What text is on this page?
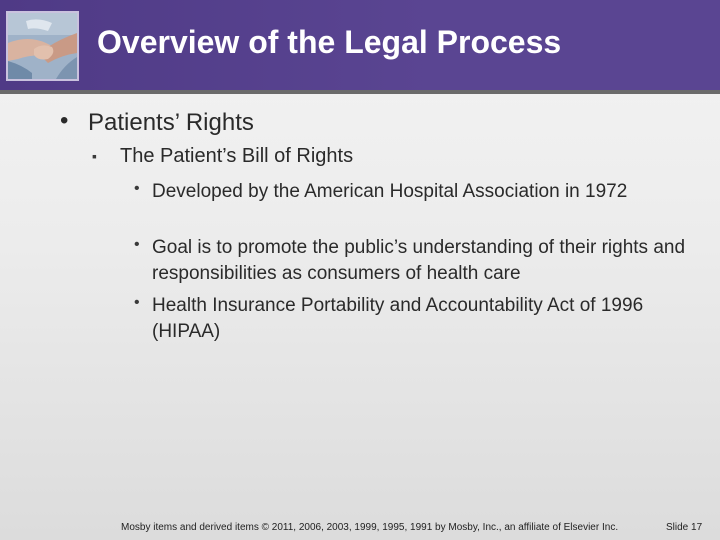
Overview of the Legal Process
• Patients’ Rights
▪ The Patient’s Bill of Rights
• Developed by the American Hospital Association in 1972
• Goal is to promote the public’s understanding of their rights and responsibilities as consumers of health care
• Health Insurance Portability and Accountability Act of 1996 (HIPAA)
Mosby items and derived items © 2011, 2006, 2003, 1999, 1995, 1991 by Mosby, Inc., an affiliate of Elsevier Inc.	Slide 17
